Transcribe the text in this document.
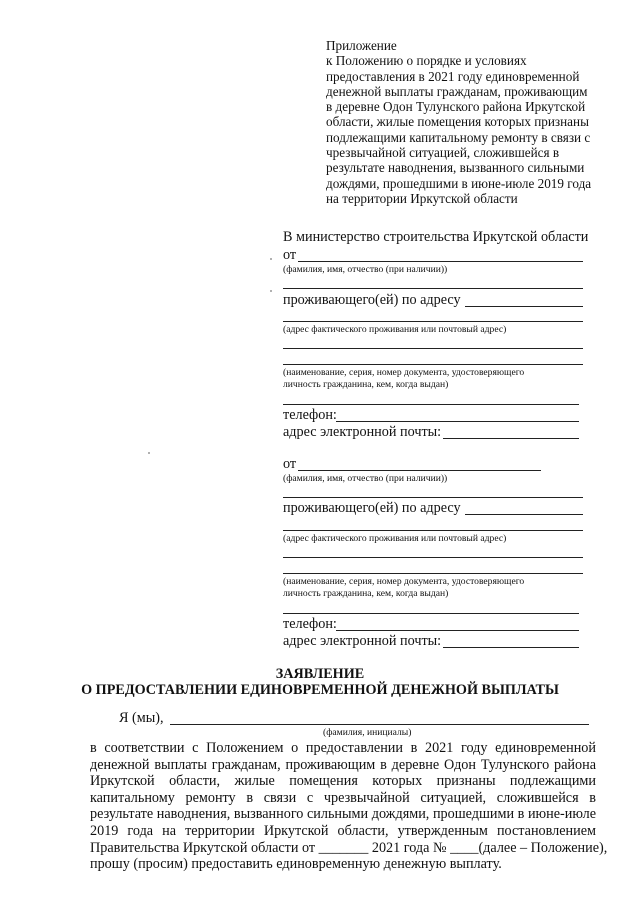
Приложение
к Положению о порядке и условиях
предоставления в 2021 году единовременной
денежной выплаты гражданам, проживающим
в деревне Одон Тулунского района Иркутской
области, жилые помещения которых признаны
подлежащими капитальному ремонту в связи с
чрезвычайной ситуацией, сложившейся в
результате наводнения, вызванного сильными
дождями, прошедшими в июне-июле 2019 года
на территории Иркутской области
В министерство строительства Иркутской области
от
(фамилия, имя, отчество (при наличии))
проживающего(ей) по адресу
(адрес фактического проживания или почтовый адрес)
(наименование, серия, номер документа, удостоверяющего
личность гражданина, кем, когда выдан)
телефон:
адрес электронной почты:
от
(фамилия, имя, отчество (при наличии))
проживающего(ей) по адресу
(адрес фактического проживания или почтовый адрес)
(наименование, серия, номер документа, удостоверяющего
личность гражданина, кем, когда выдан)
телефон:
адрес электронной почты:
ЗАЯВЛЕНИЕ
О ПРЕДОСТАВЛЕНИИ ЕДИНОВРЕМЕННОЙ ДЕНЕЖНОЙ ВЫПЛАТЫ
Я (мы),
(фамилия, инициалы)
в соответствии с Положением о предоставлении в 2021 году единовременной
денежной выплаты гражданам, проживающим в деревне Одон Тулунского района
Иркутской области, жилые помещения которых признаны подлежащими
капитальному ремонту в связи с чрезвычайной ситуацией, сложившейся в
результате наводнения, вызванного сильными дождями, прошедшими в июне-июле
2019 года на территории Иркутской области, утвержденным постановлением
Правительства Иркутской области от _______ 2021 года № ____(далее – Положение),
прошу (просим) предоставить единовременную денежную выплату.
